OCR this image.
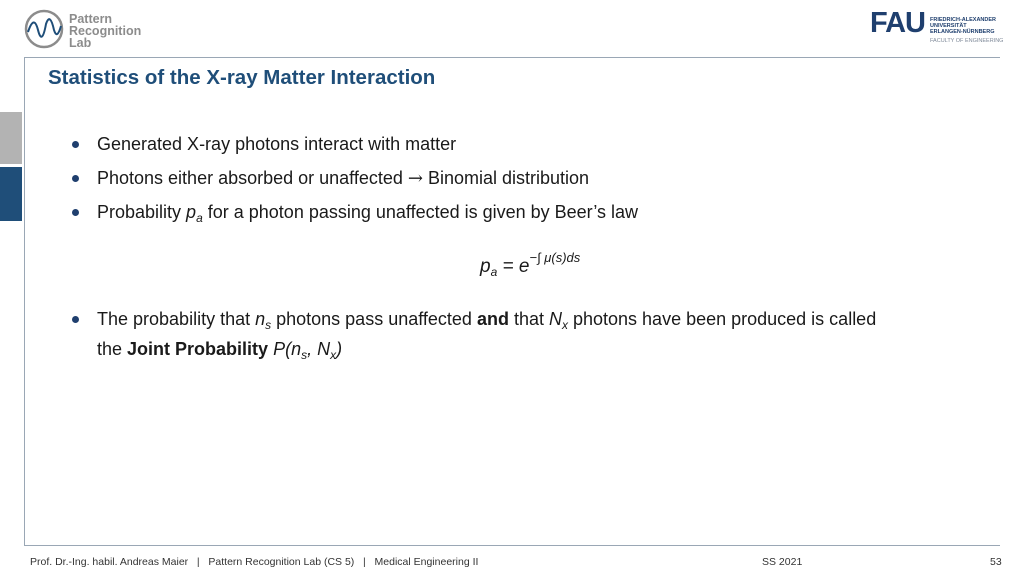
Pattern
Recognition
Lab
FAU FRIEDRICH-ALEXANDER
UNIVERSITÄT
ERLANGEN-NÜRNBERG
FACULTY OF ENGINEERING
Statistics of the X-ray Matter Interaction
Generated X-ray photons interact with matter
Photons either absorbed or unaffected → Binomial distribution
Probability $p_a$ for a photon passing unaffected is given by Beer’s law
$p_a = e^{-\int \mu(s)ds}$
The probability that $n_s$ photons pass unaffected and that $N_x$ photons have been produced is called
the Joint Probability $P(n_s$, $N_x$)
Prof. Dr.-Ing. habil. Andreas Maier   |   Pattern Recognition Lab (CS 5)   |   Medical Engineering II	SS 2021	53
